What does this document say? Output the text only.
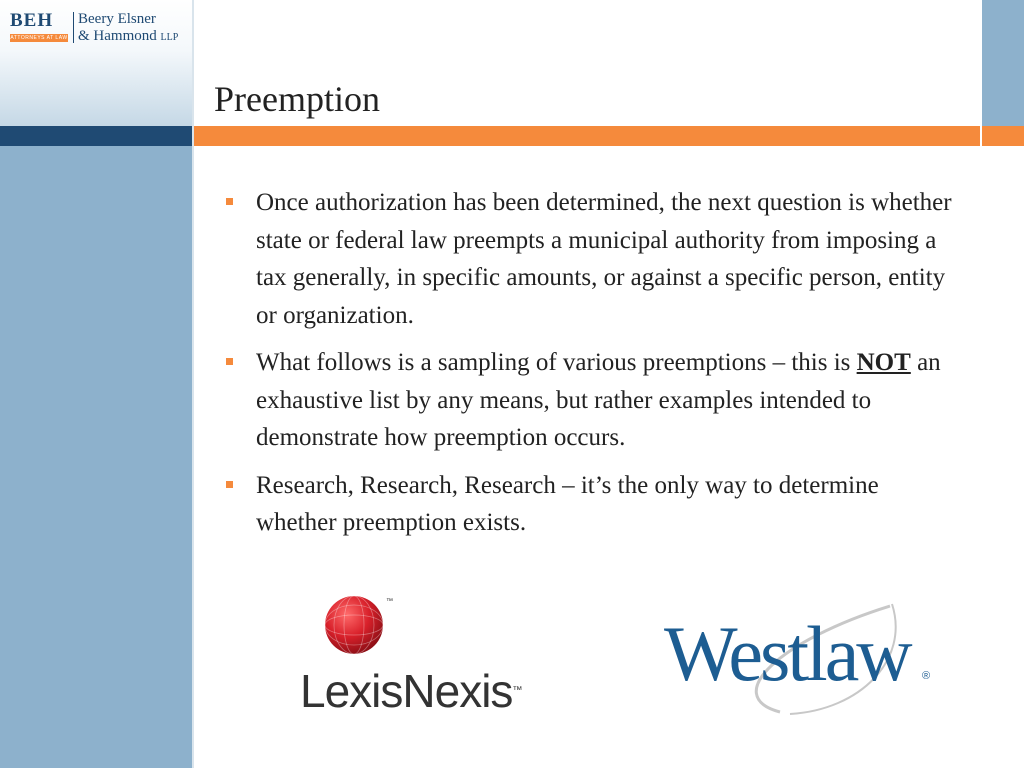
BEH
ATTORNEYS AT LAW
Beery Elsner
& Hammond LLP
Preemption
Once authorization has been determined, the next question is whether state or federal law preempts a municipal authority from imposing a tax generally, in specific amounts, or against a specific person, entity or organization.
What follows is a sampling of various preemptions – this is NOT an exhaustive list by any means, but rather examples intended to demonstrate how preemption occurs.
Research, Research, Research – it’s the only way to determine whether preemption exists.
™
LexisNexis™ Westlaw ®
